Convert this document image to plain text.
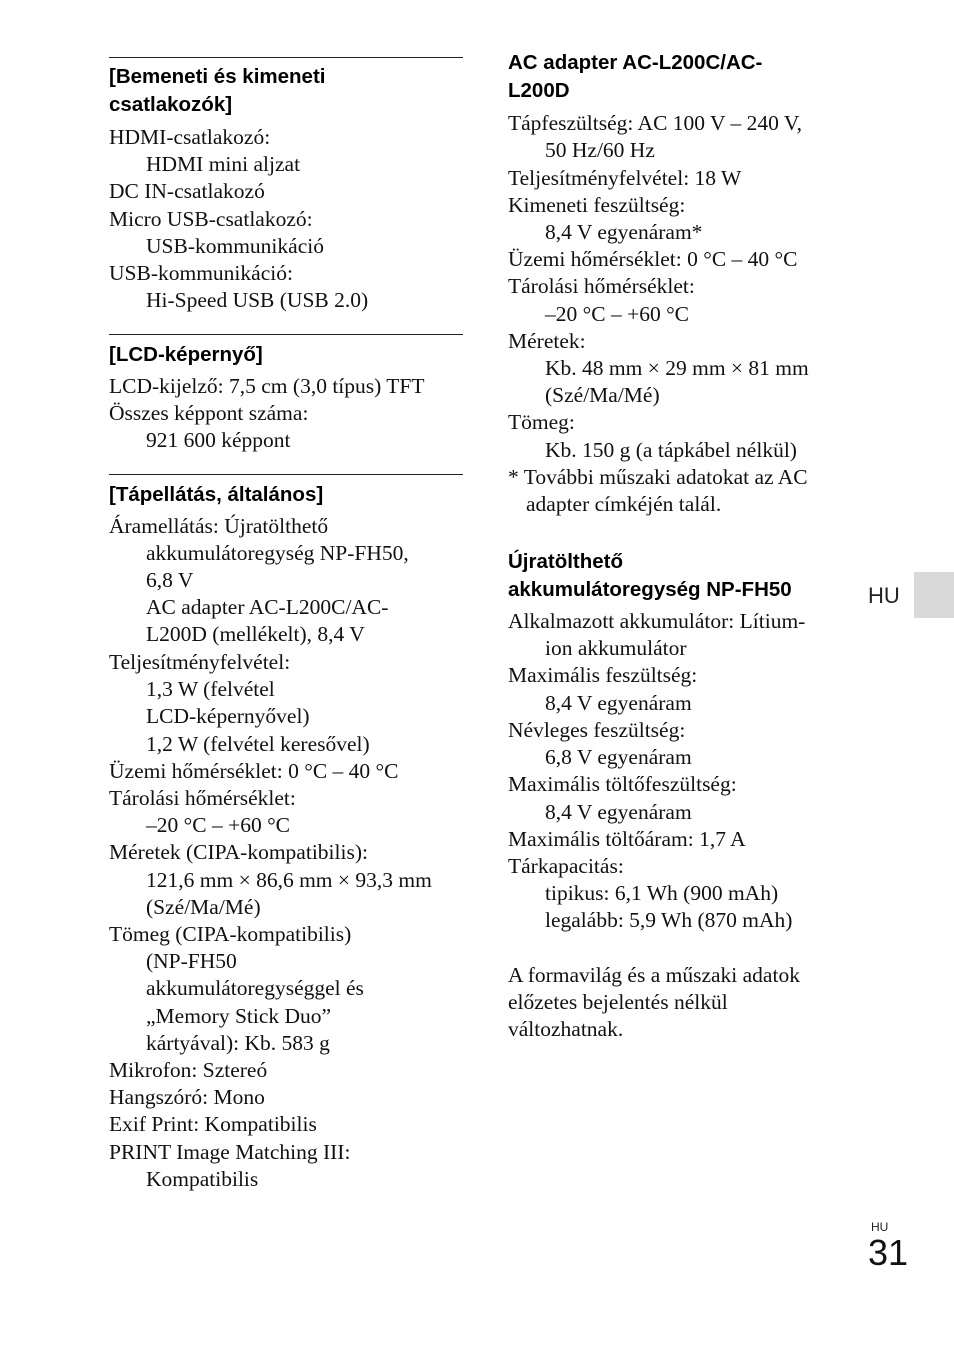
[Bemeneti és kimeneti
csatlakozók]
HDMI-csatlakozó:
HDMI mini aljzat
DC IN-csatlakozó
Micro USB-csatlakozó:
USB-kommunikáció
USB-kommunikáció:
Hi-Speed USB (USB 2.0)
[LCD-képernyő]
LCD-kijelző: 7,5 cm (3,0 típus) TFT
Összes képpont száma:
921 600 képpont
[Tápellátás, általános]
Áramellátás: Újratölthető
akkumulátoregység NP-FH50,
6,8 V
AC adapter AC-L200C/AC-
L200D (mellékelt), 8,4 V
Teljesítményfelvétel:
1,3 W (felvétel
LCD-képernyővel)
1,2 W (felvétel keresővel)
Üzemi hőmérséklet: 0 °C – 40 °C
Tárolási hőmérséklet:
–20 °C – +60 °C
Méretek (CIPA-kompatibilis):
121,6 mm × 86,6 mm × 93,3 mm
(Szé/Ma/Mé)
Tömeg (CIPA-kompatibilis)
(NP-FH50
akkumulátoregységgel és
„Memory Stick Duo”
kártyával): Kb. 583 g
Mikrofon: Sztereó
Hangszóró: Mono
Exif Print: Kompatibilis
PRINT Image Matching III:
Kompatibilis
AC adapter AC-L200C/AC-
L200D
Tápfeszültség: AC 100 V – 240 V,
50 Hz/60 Hz
Teljesítményfelvétel: 18 W
Kimeneti feszültség:
8,4 V egyenáram*
Üzemi hőmérséklet: 0 °C – 40 °C
Tárolási hőmérséklet:
–20 °C – +60 °C
Méretek:
Kb. 48 mm × 29 mm × 81 mm
(Szé/Ma/Mé)
Tömeg:
Kb. 150 g (a tápkábel nélkül)
* További műszaki adatokat az AC
adapter címkéjén talál.
Újratölthető
akkumulátoregység NP-FH50
Alkalmazott akkumulátor: Lítium-
ion akkumulátor
Maximális feszültség:
8,4 V egyenáram
Névleges feszültség:
6,8 V egyenáram
Maximális töltőfeszültség:
8,4 V egyenáram
Maximális töltőáram: 1,7 A
Tárkapacitás:
tipikus: 6,1 Wh (900 mAh)
legalább: 5,9 Wh (870 mAh)
A formavilág és a műszaki adatok
előzetes bejelentés nélkül
változhatnak.
HU
HU
31
